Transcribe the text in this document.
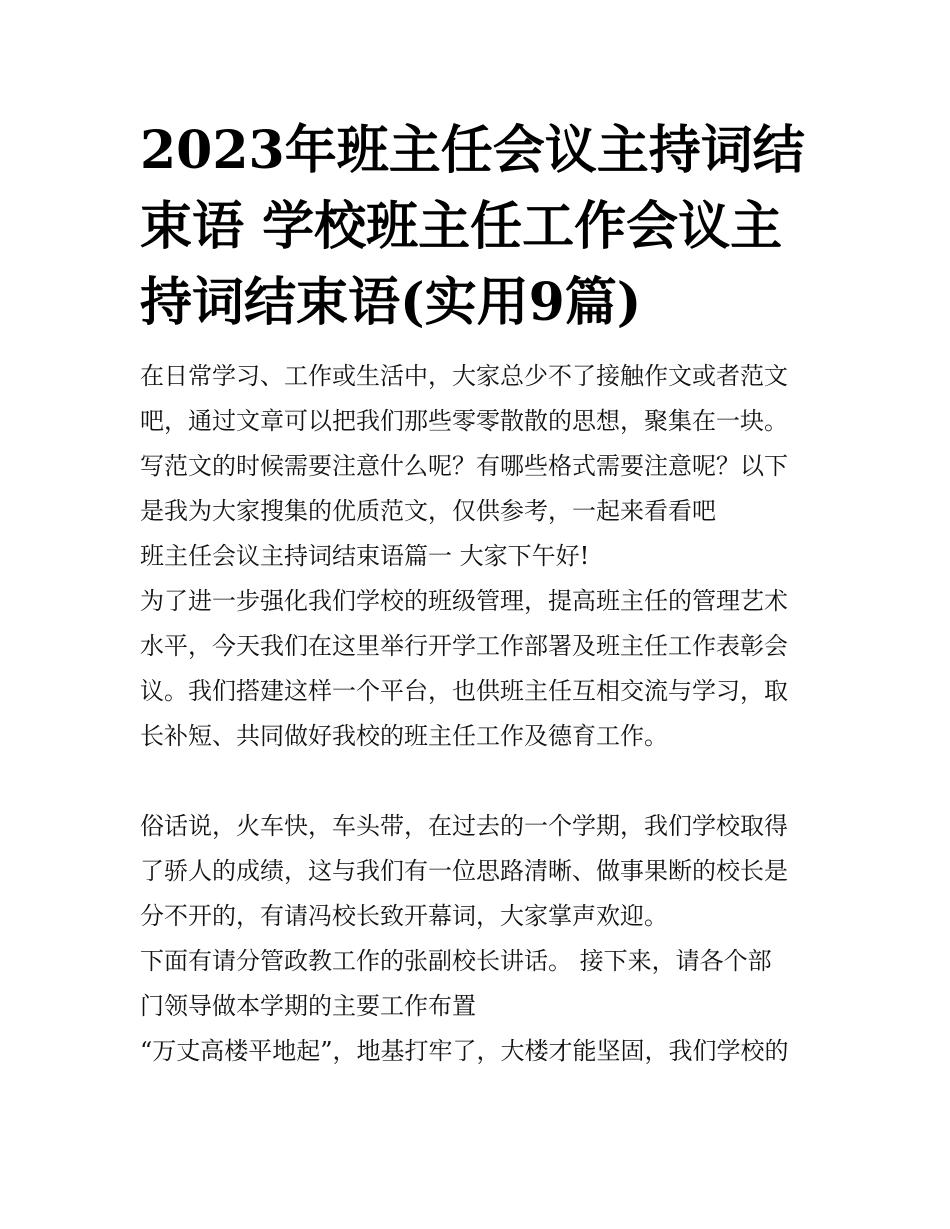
2023年班主任会议主持词结束语 学校班主任工作会议主持词结束语(实用9篇)

在日常学习、工作或生活中，大家总少不了接触作文或者范文
吧，通过文章可以把我们那些零零散散的思想，聚集在一块。
写范文的时候需要注意什么呢？有哪些格式需要注意呢？以下
是我为大家搜集的优质范文，仅供参考，一起来看看吧

班主任会议主持词结束语篇一 大家下午好!

为了进一步强化我们学校的班级管理，提高班主任的管理艺术
水平，今天我们在这里举行开学工作部署及班主任工作表彰会
议。我们搭建这样一个平台，也供班主任互相交流与学习，取
长补短、共同做好我校的班主任工作及德育工作。

俗话说，火车快，车头带，在过去的一个学期，我们学校取得
了骄人的成绩，这与我们有一位思路清晰、做事果断的校长是
分不开的，有请冯校长致开幕词，大家掌声欢迎。

下面有请分管政教工作的张副校长讲话。 接下来，请各个部
门领导做本学期的主要工作布置

“万丈高楼平地起”，地基打牢了，大楼才能坚固，我们学校的
